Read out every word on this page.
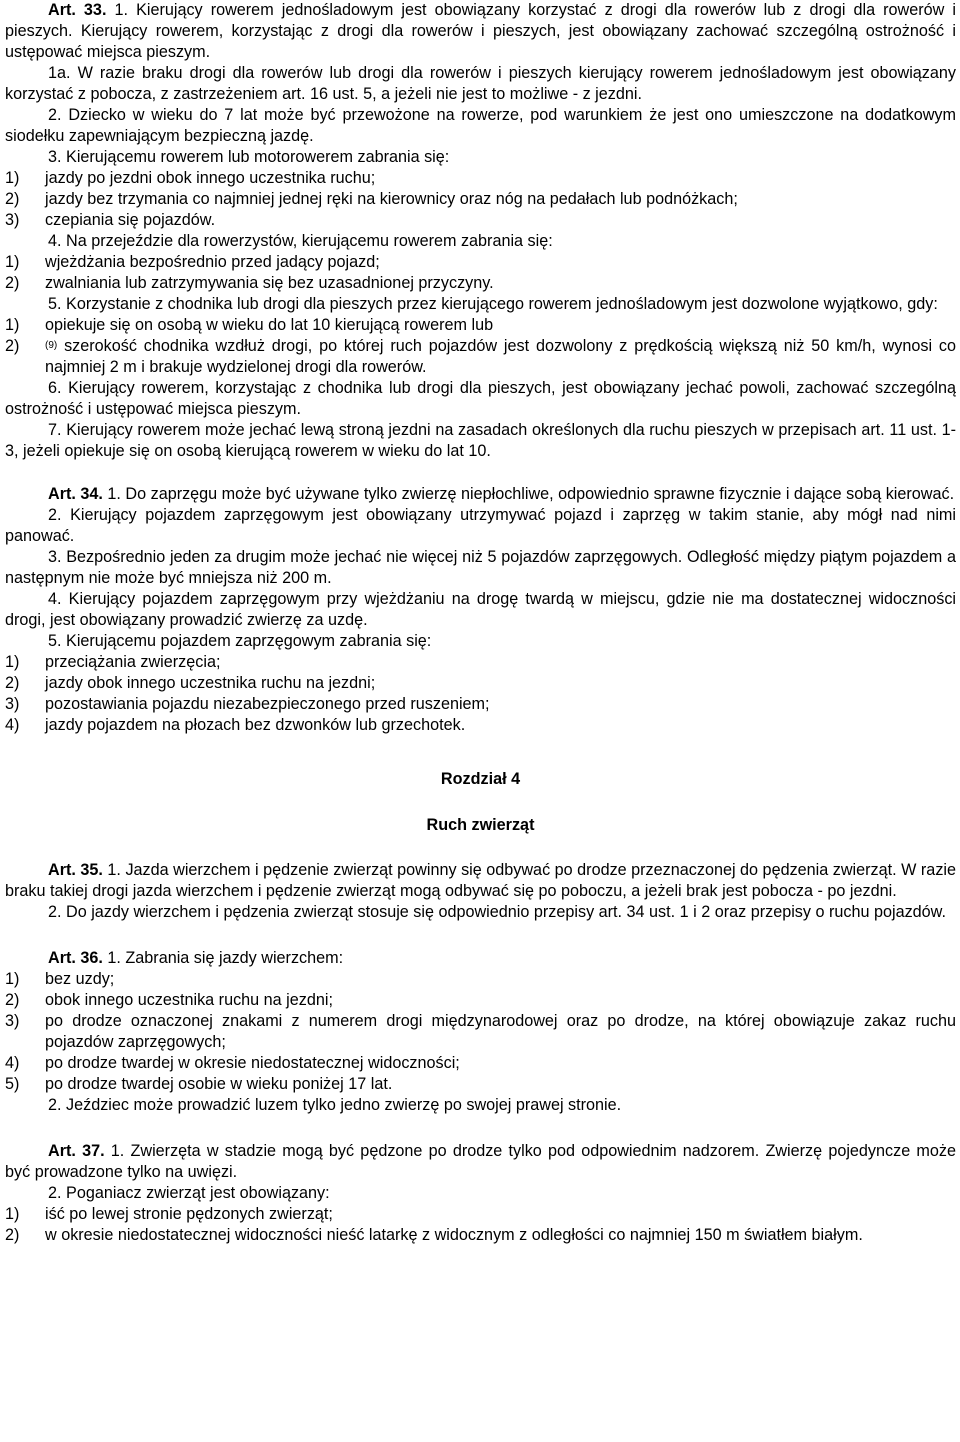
Art. 33. 1. Kierujący rowerem jednośladowym jest obowiązany korzystać z drogi dla rowerów lub z drogi dla rowerów i pieszych. Kierujący rowerem, korzystając z drogi dla rowerów i pieszych, jest obowiązany zachować szczególną ostrożność i ustępować miejsca pieszym.

1a. W razie braku drogi dla rowerów lub drogi dla rowerów i pieszych kierujący rowerem jednośladowym jest obowiązany korzystać z pobocza, z zastrzeżeniem art. 16 ust. 5, a jeżeli nie jest to możliwe - z jezdni.

2. Dziecko w wieku do 7 lat może być przewożone na rowerze, pod warunkiem że jest ono umieszczone na dodatkowym siodełku zapewniającym bezpieczną jazdę.

3. Kierującemu rowerem lub motorowerem zabrania się:

1) jazdy po jezdni obok innego uczestnika ruchu;
2) jazdy bez trzymania co najmniej jednej ręki na kierownicy oraz nóg na pedałach lub podnóżkach;
3) czepiania się pojazdów.

4. Na przejeździe dla rowerzystów, kierującemu rowerem zabrania się:

1) wjeżdżania bezpośrednio przed jadący pojazd;
2) zwalniania lub zatrzymywania się bez uzasadnionej przyczyny.

5. Korzystanie z chodnika lub drogi dla pieszych przez kierującego rowerem jednośladowym jest dozwolone wyjątkowo, gdy:

1) opiekuje się on osobą w wieku do lat 10 kierującą rowerem lub
2)	$^{(9)}$ szerokość chodnika wzdłuż drogi, po której ruch pojazdów jest dozwolony z prędkością większą niż 50 km/h, wynosi co najmniej 2 m i brakuje wydzielonej drogi dla rowerów.

6. Kierujący rowerem, korzystając z chodnika lub drogi dla pieszych, jest obowiązany jechać powoli, zachować szczególną ostrożność i ustępować miejsca pieszym.

7. Kierujący rowerem może jechać lewą stroną jezdni na zasadach określonych dla ruchu pieszych w przepisach art. 11 ust. 1-3, jeżeli opiekuje się on osobą kierującą rowerem w wieku do lat 10.

Art. 34. 1. Do zaprzęgu może być używane tylko zwierzę niepłochliwe, odpowiednio sprawne fizycznie i dające sobą kierować.

2. Kierujący pojazdem zaprzęgowym jest obowiązany utrzymywać pojazd i zaprzęg w takim stanie, aby mógł nad nimi panować.

3. Bezpośrednio jeden za drugim może jechać nie więcej niż 5 pojazdów zaprzęgowych. Odległość między piątym pojazdem a następnym nie może być mniejsza niż 200 m.

4. Kierujący pojazdem zaprzęgowym przy wjeżdżaniu na drogę twardą w miejscu, gdzie nie ma dostatecznej widoczności drogi, jest obowiązany prowadzić zwierzę za uzdę.

5. Kierującemu pojazdem zaprzęgowym zabrania się:

1) przeciążania zwierzęcia;
2) jazdy obok innego uczestnika ruchu na jezdni;
3) pozostawiania pojazdu niezabezpieczonego przed ruszeniem;
4) jazdy pojazdem na płozach bez dzwonków lub grzechotek.
Rozdział 4
Ruch zwierząt

Art. 35. 1. Jazda wierzchem i pędzenie zwierząt powinny się odbywać po drodze przeznaczonej do pędzenia zwierząt. W razie braku takiej drogi jazda wierzchem i pędzenie zwierząt mogą odbywać się po poboczu, a jeżeli brak jest pobocza - po jezdni.

2. Do jazdy wierzchem i pędzenia zwierząt stosuje się odpowiednio przepisy art. 34 ust. 1 i 2 oraz przepisy o ruchu pojazdów.

Art. 36. 1. Zabrania się jazdy wierzchem:

1) bez uzdy;
2) obok innego uczestnika ruchu na jezdni;
3) po drodze oznaczonej znakami z numerem drogi międzynarodowej oraz po drodze, na której obowiązuje zakaz ruchu pojazdów zaprzęgowych;
4) po drodze twardej w okresie niedostatecznej widoczności;
5) po drodze twardej osobie w wieku poniżej 17 lat.

2. Jeździec może prowadzić luzem tylko jedno zwierzę po swojej prawej stronie.

Art. 37. 1. Zwierzęta w stadzie mogą być pędzone po drodze tylko pod odpowiednim nadzorem. Zwierzę pojedyncze może być prowadzone tylko na uwięzi.

2. Poganiacz zwierząt jest obowiązany:

1) iść po lewej stronie pędzonych zwierząt;
2) w okresie niedostatecznej widoczności nieść latarkę z widocznym z odległości co najmniej 150 m światłem białym.
